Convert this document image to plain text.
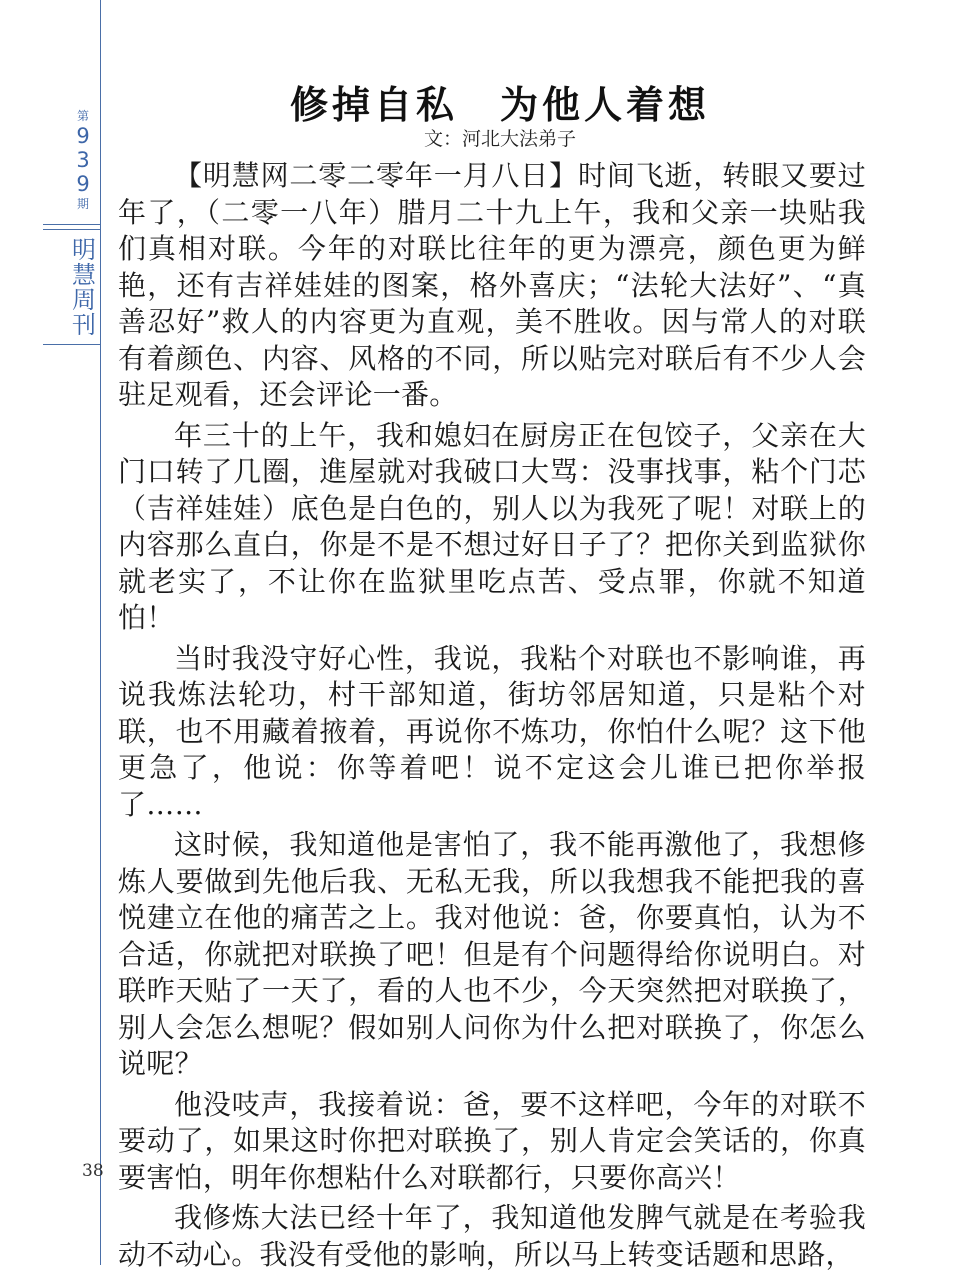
第
9
3
9
期
明
慧
周
刊
38
修掉自私　为他人着想
文：河北大法弟子

【明慧网二零二零年一月八日】时间飞逝，转眼又要过年了，（二零一八年）腊月二十九上午，我和父亲一块贴我们真相对联。今年的对联比往年的更为漂亮，颜色更为鲜艳，还有吉祥娃娃的图案，格外喜庆；“法轮大法好”、“真善忍好”救人的内容更为直观，美不胜收。因与常人的对联有着颜色、内容、风格的不同，所以贴完对联后有不少人会驻足观看，还会评论一番。

年三十的上午，我和媳妇在厨房正在包饺子，父亲在大门口转了几圈，進屋就对我破口大骂：没事找事，粘个门芯（吉祥娃娃）底色是白色的，别人以为我死了呢！对联上的内容那么直白，你是不是不想过好日子了？把你关到监狱你就老实了，不让你在监狱里吃点苦、受点罪，你就不知道怕！

当时我没守好心性，我说，我粘个对联也不影响谁，再说我炼法轮功，村干部知道，街坊邻居知道，只是粘个对联，也不用藏着掖着，再说你不炼功，你怕什么呢？这下他更急了，他说：你等着吧！说不定这会儿谁已把你举报了……

这时候，我知道他是害怕了，我不能再激他了，我想修炼人要做到先他后我、无私无我，所以我想我不能把我的喜悦建立在他的痛苦之上。我对他说：爸，你要真怕，认为不合适，你就把对联换了吧！但是有个问题得给你说明白。对联昨天贴了一天了，看的人也不少，今天突然把对联换了，别人会怎么想呢？假如别人问你为什么把对联换了，你怎么说呢？

他没吱声，我接着说：爸，要不这样吧，今年的对联不要动了，如果这时你把对联换了，别人肯定会笑话的，你真要害怕，明年你想粘什么对联都行，只要你高兴！

我修炼大法已经十年了，我知道他发脾气就是在考验我动不动心。我没有受他的影响，所以马上转变话题和思路，
